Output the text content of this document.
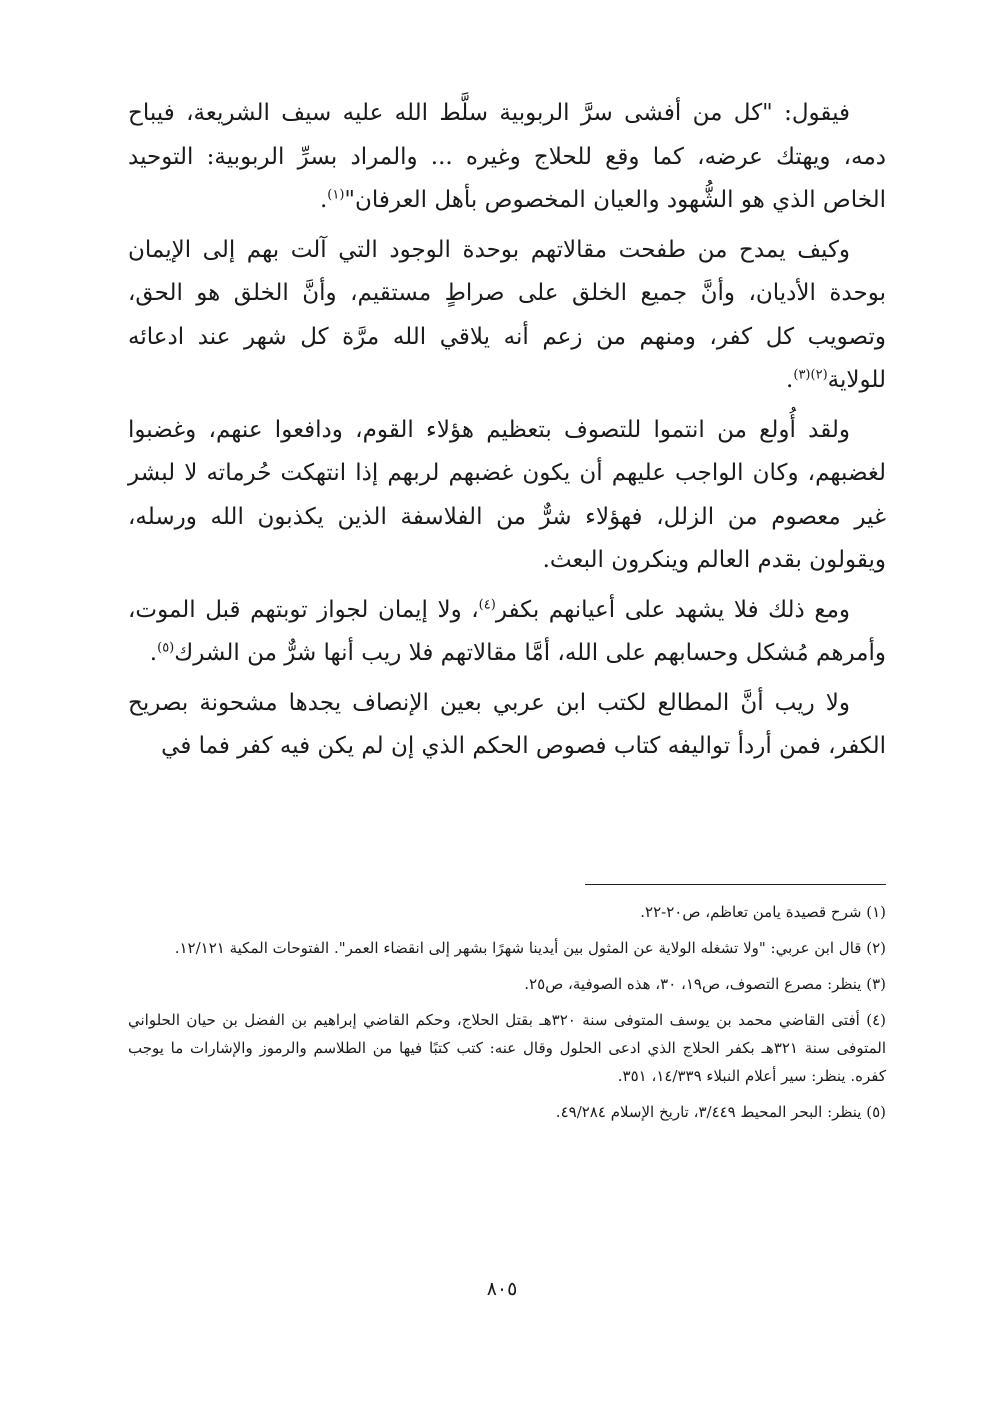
فيقول: "كل من أفشى سرَّ الربوبية سلَّط الله عليه سيف الشريعة، فيباح دمه، ويهتك عرضه، كما وقع للحلاج وغيره ... والمراد بسرِّ الربوبية: التوحيد الخاص الذي هو الشُّهود والعيان المخصوص بأهل العرفان"$^{(١)}$.

وكيف يمدح من طفحت مقالاتهم بوحدة الوجود التي آلت بهم إلى الإيمان بوحدة الأديان، وأنَّ جميع الخلق على صراطٍ مستقيم، وأنَّ الخلق هو الحق، وتصويب كل كفر، ومنهم من زعم أنه يلاقي الله مرَّة كل شهر عند ادعائه للولاية$^{(٢)(٣)}$.

ولقد أُولع من انتموا للتصوف بتعظيم هؤلاء القوم، ودافعوا عنهم، وغضبوا لغضبهم، وكان الواجب عليهم أن يكون غضبهم لربهم إذا انتهكت حُرماته لا لبشر غير معصوم من الزلل، فهؤلاء شرٌّ من الفلاسفة الذين يكذبون الله ورسله، ويقولون بقدم العالم وينكرون البعث.

ومع ذلك فلا يشهد على أعيانهم بكفر$^{(٤)}$، ولا إيمان لجواز توبتهم قبل الموت، وأمرهم مُشكل وحسابهم على الله، أمَّا مقالاتهم فلا ريب أنها شرٌّ من الشرك$^{(٥)}$.

ولا ريب أنَّ المطالع لكتب ابن عربي بعين الإنصاف يجدها مشحونة بصريح الكفر، فمن أردأ تواليفه كتاب فصوص الحكم الذي إن لم يكن فيه كفر فما في

(١) شرح قصيدة يامن تعاظم، ص٢٠-٢٢.

(٢) قال ابن عربي: "ولا تشغله الولاية عن المثول بين أيدينا شهرًا بشهر إلى انقضاء العمر". الفتوحات المكية ١٢/١٢١.

(٣) ينظر: مصرع التصوف، ص١٩، ٣٠، هذه الصوفية، ص٢٥.

(٤) أفتى القاضي محمد بن يوسف المتوفى سنة ٣٢٠هـ بقتل الحلاج، وحكم القاضي إبراهيم بن الفضل بن حيان الحلواني المتوفى سنة ٣٢١هـ بكفر الحلاج الذي ادعى الحلول وقال عنه: كتب كتبًا فيها من الطلاسم والرموز والإشارات ما يوجب كفره. ينظر: سير أعلام النبلاء ١٤/٣٣٩، ٣٥١.

(٥) ينظر: البحر المحيط ٣/٤٤٩، تاريخ الإسلام ٤٩/٢٨٤.

٨٠٥
